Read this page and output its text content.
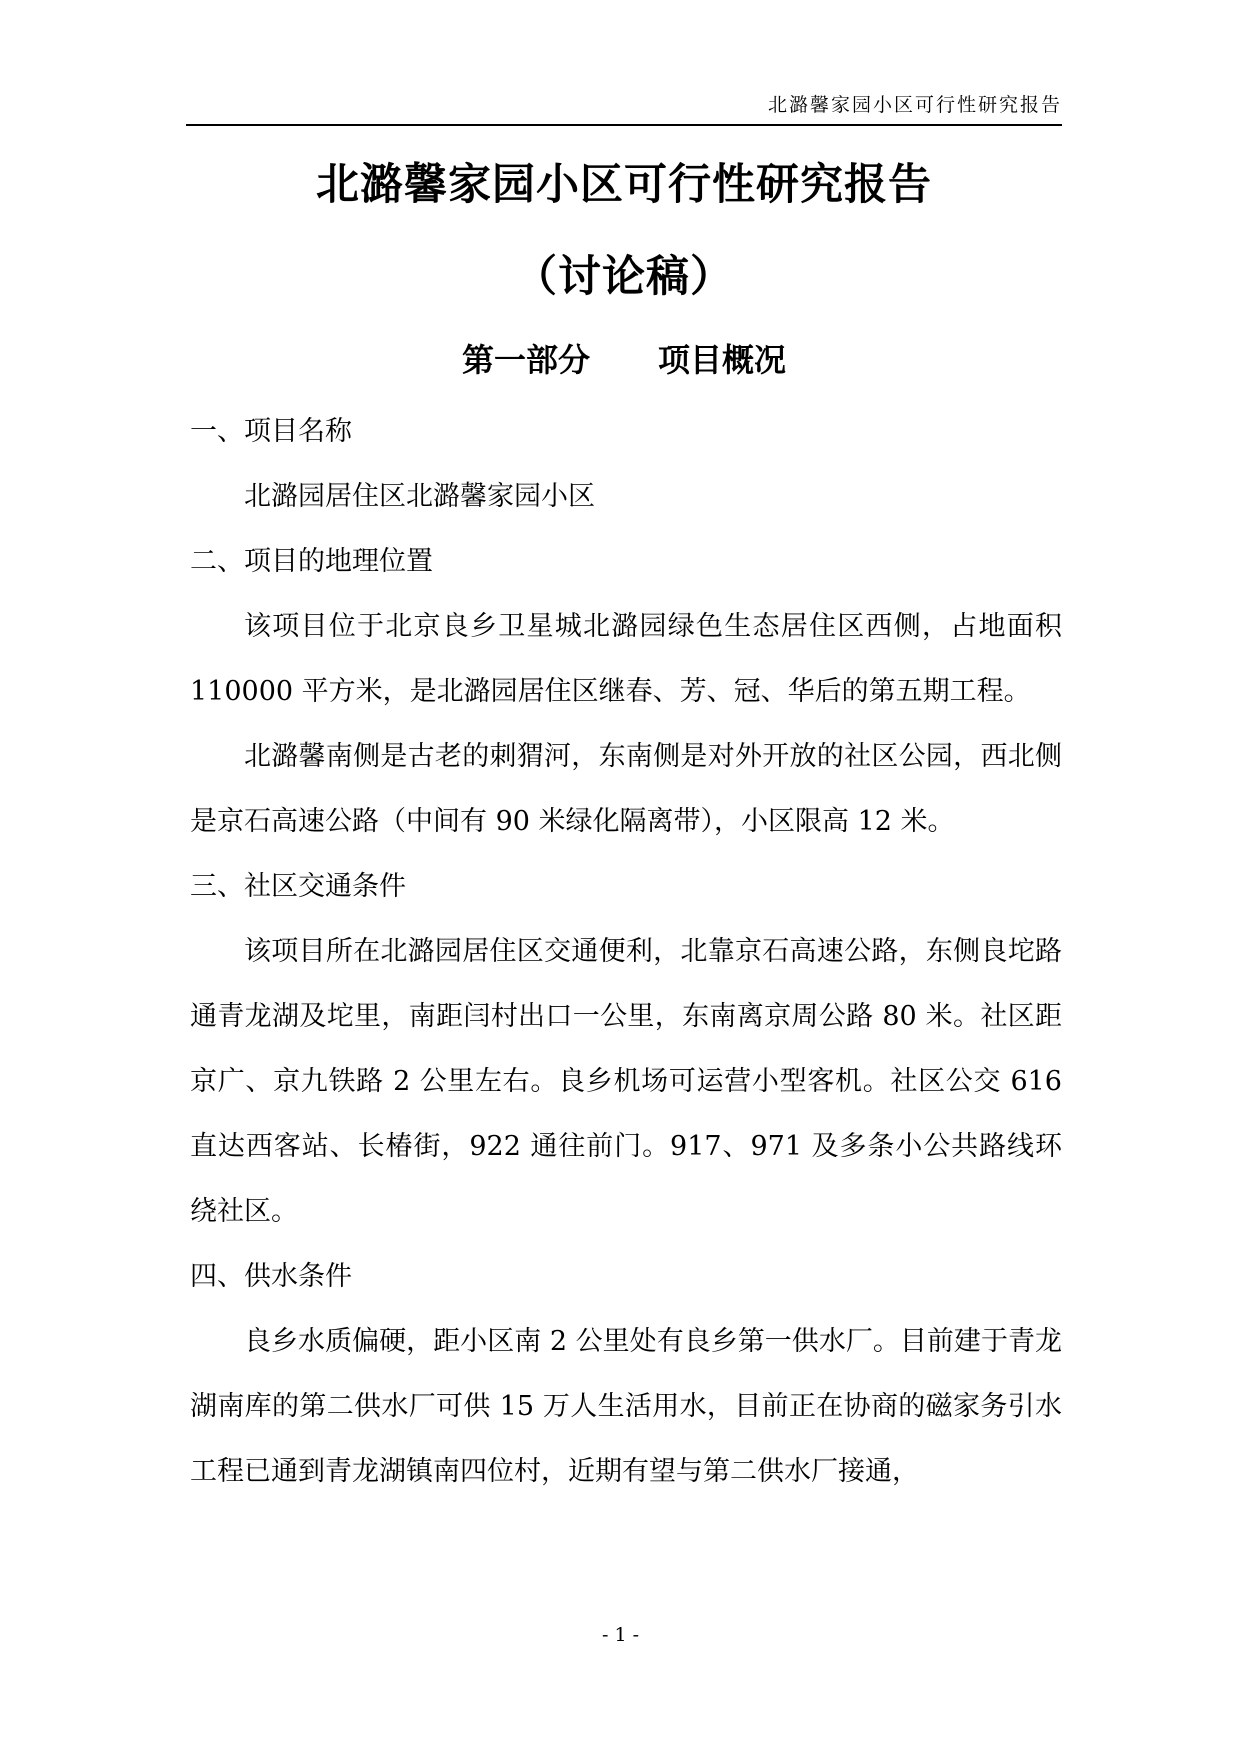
北潞馨家园小区可行性研究报告
北潞馨家园小区可行性研究报告
（讨论稿）
第一部分 项目概况

一、项目名称

北潞园居住区北潞馨家园小区

二、项目的地理位置

该项目位于北京良乡卫星城北潞园绿色生态居住区西侧，占地面积 110000 平方米，是北潞园居住区继春、芳、冠、华后的第五期工程。

北潞馨南侧是古老的刺猬河，东南侧是对外开放的社区公园，西北侧是京石高速公路（中间有 90 米绿化隔离带），小区限高 12 米。

三、社区交通条件

该项目所在北潞园居住区交通便利，北靠京石高速公路，东侧良坨路通青龙湖及坨里，南距闫村出口一公里，东南离京周公路 80 米。社区距京广、京九铁路 2 公里左右。良乡机场可运营小型客机。社区公交 616 直达西客站、长椿街，922 通往前门。917、971 及多条小公共路线环绕社区。

四、供水条件

良乡水质偏硬，距小区南 2 公里处有良乡第一供水厂。目前建于青龙湖南库的第二供水厂可供 15 万人生活用水，目前正在协商的磁家务引水工程已通到青龙湖镇南四位村，近期有望与第二供水厂接通，

- 1 -
